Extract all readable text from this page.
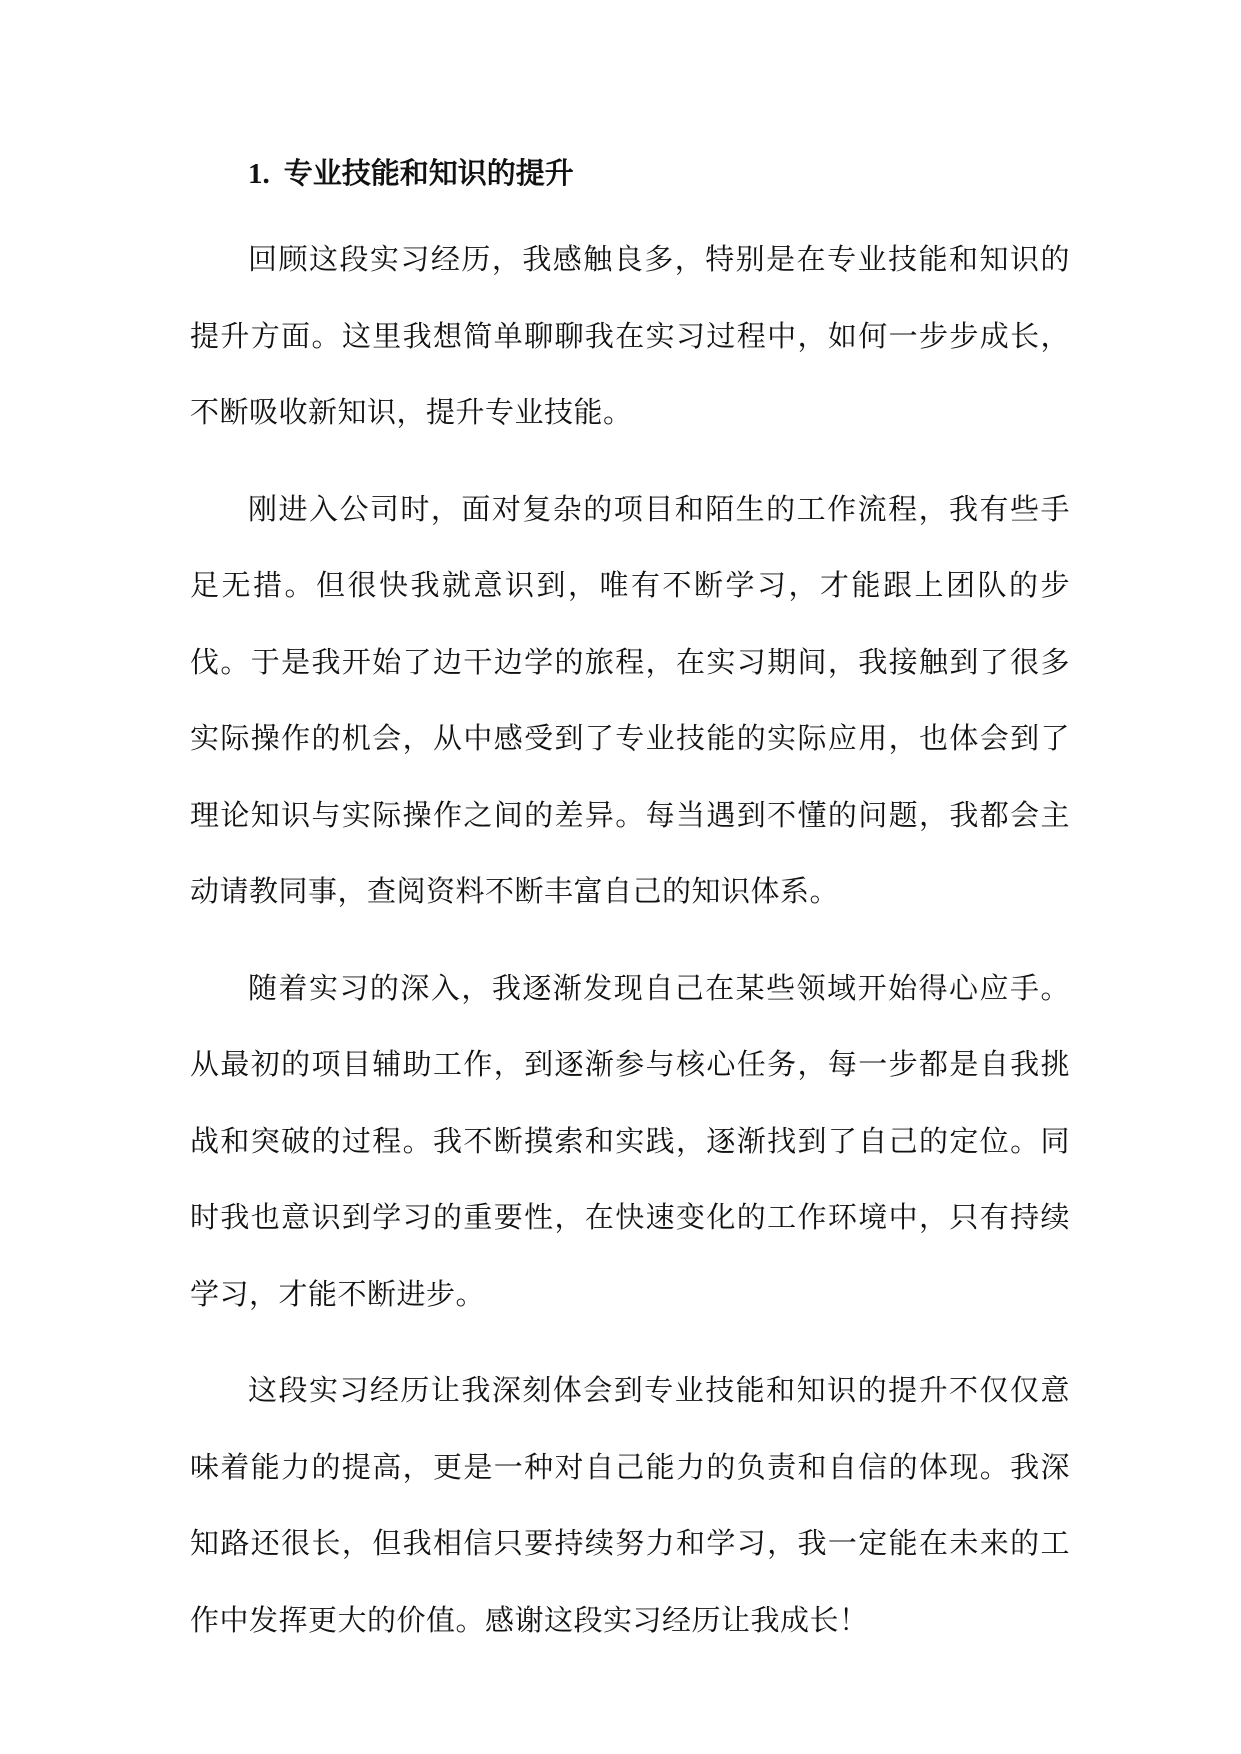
1. 专业技能和知识的提升

回顾这段实习经历，我感触良多，特别是在专业技能和知识的提升方面。这里我想简单聊聊我在实习过程中，如何一步步成长，不断吸收新知识，提升专业技能。

刚进入公司时，面对复杂的项目和陌生的工作流程，我有些手足无措。但很快我就意识到，唯有不断学习，才能跟上团队的步伐。于是我开始了边干边学的旅程，在实习期间，我接触到了很多实际操作的机会，从中感受到了专业技能的实际应用，也体会到了理论知识与实际操作之间的差异。每当遇到不懂的问题，我都会主动请教同事，查阅资料不断丰富自己的知识体系。

随着实习的深入，我逐渐发现自己在某些领域开始得心应手。从最初的项目辅助工作，到逐渐参与核心任务，每一步都是自我挑战和突破的过程。我不断摸索和实践，逐渐找到了自己的定位。同时我也意识到学习的重要性，在快速变化的工作环境中，只有持续学习，才能不断进步。

这段实习经历让我深刻体会到专业技能和知识的提升不仅仅意味着能力的提高，更是一种对自己能力的负责和自信的体现。我深知路还很长，但我相信只要持续努力和学习，我一定能在未来的工作中发挥更大的价值。感谢这段实习经历让我成长！
